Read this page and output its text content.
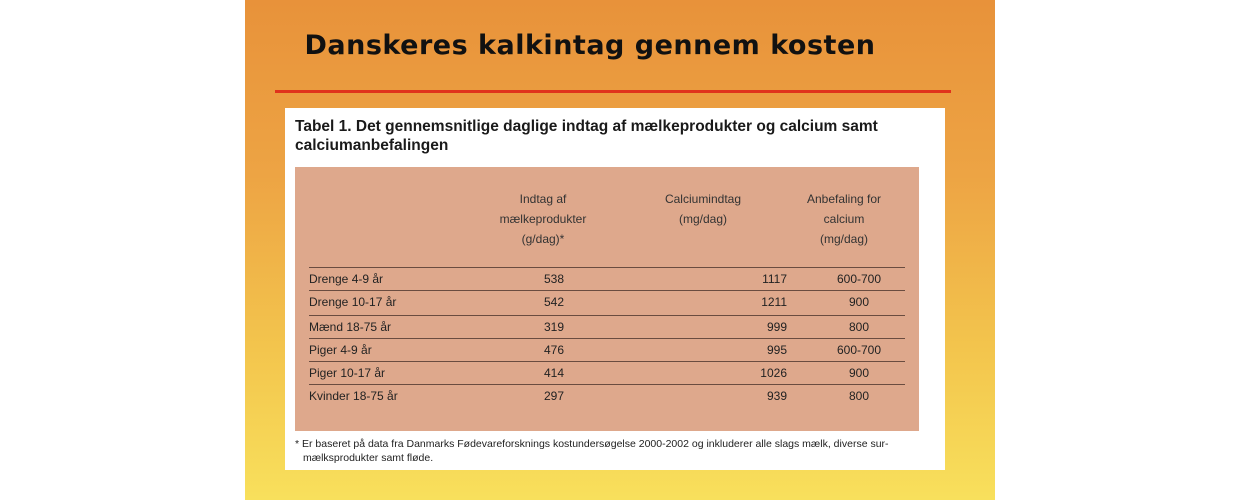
Danskeres kalkintag gennem kosten
Tabel 1. Det gennemsnitlige daglige indtag af mælkeprodukter og calcium samt
calciumanbefalingen
Indtag af
mælkeprodukter
(g/dag)*
Calciumindtag
(mg/dag)
Anbefaling for
calcium
(mg/dag)
Drenge 4-9 år	538	1117	600-700
Drenge 10-17 år	542	1211	900
Mænd 18-75 år	319	999	800
Piger 4-9 år	476	995	600-700
Piger 10-17 år	414	1026	900
Kvinder 18-75 år	297	939	800
* Er baseret på data fra Danmarks Fødevareforsknings kostundersøgelse 2000-2002 og inkluderer alle slags mælk, diverse sur-
mælksprodukter samt fløde.
